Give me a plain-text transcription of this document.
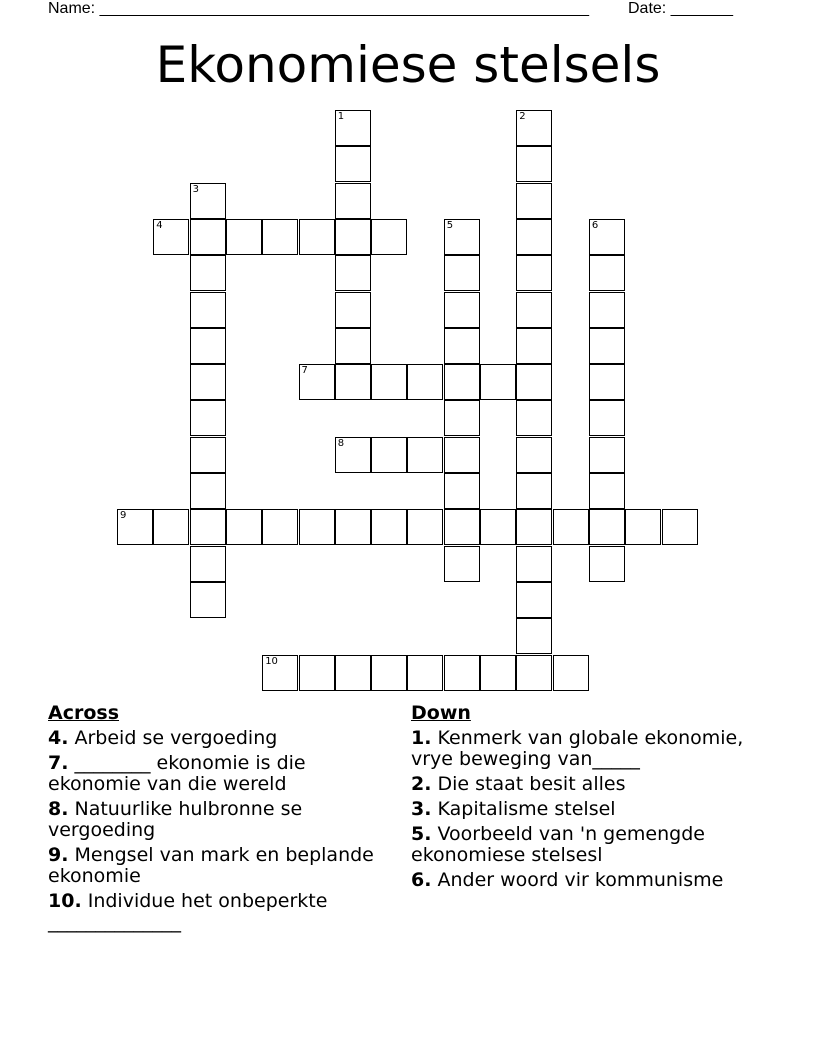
Name: _______________________________________________________ Date: _______
Ekonomiese stelsels
4
7
8
9
10
1	2
3
5	6
Across
4. Arbeid se vergoeding
7. ________ ekonomie is die ekonomie van die wereld
8. Natuurlike hulbronne se vergoeding
9. Mengsel van mark en beplande ekonomie
10. Individue het onbeperkte ______________
Down
1. Kenmerk van globale ekonomie, vrye beweging van_____
2. Die staat besit alles
3. Kapitalisme stelsel
5. Voorbeeld van 'n gemengde ekonomiese stelsesl
6. Ander woord vir kommunisme
